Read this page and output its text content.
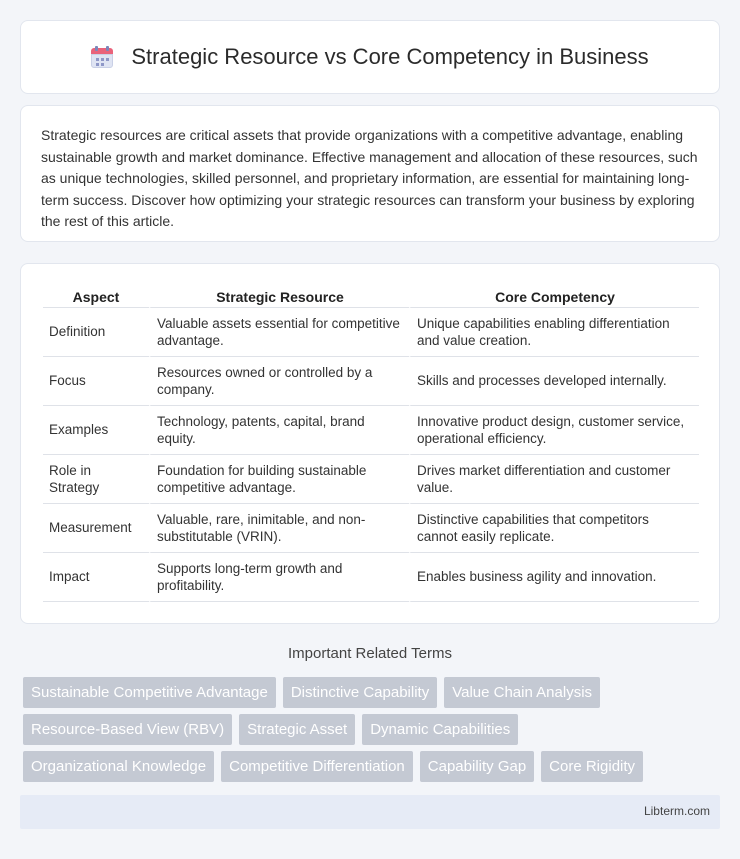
Strategic Resource vs Core Competency in Business

Strategic resources are critical assets that provide organizations with a competitive advantage, enabling sustainable growth and market dominance. Effective management and allocation of these resources, such as unique technologies, skilled personnel, and proprietary information, are essential for maintaining long-term success. Discover how optimizing your strategic resources can transform your business by exploring the rest of this article.

Aspect	Strategic Resource	Core Competency
Definition	Valuable assets essential for competitive advantage.	Unique capabilities enabling differentiation and value creation.
Focus	Resources owned or controlled by a company.	Skills and processes developed internally.
Examples	Technology, patents, capital, brand equity.	Innovative product design, customer service, operational efficiency.
Role in Strategy	Foundation for building sustainable competitive advantage.	Drives market differentiation and customer value.
Measurement	Valuable, rare, inimitable, and non-substitutable (VRIN).	Distinctive capabilities that competitors cannot easily replicate.
Impact	Supports long-term growth and profitability.	Enables business agility and innovation.
Important Related Terms
Sustainable Competitive Advantage	Distinctive Capability	Value Chain Analysis
Resource-Based View (RBV)	Strategic Asset	Dynamic Capabilities
Organizational Knowledge	Competitive Differentiation	Capability Gap	Core Rigidity
Libterm.com
